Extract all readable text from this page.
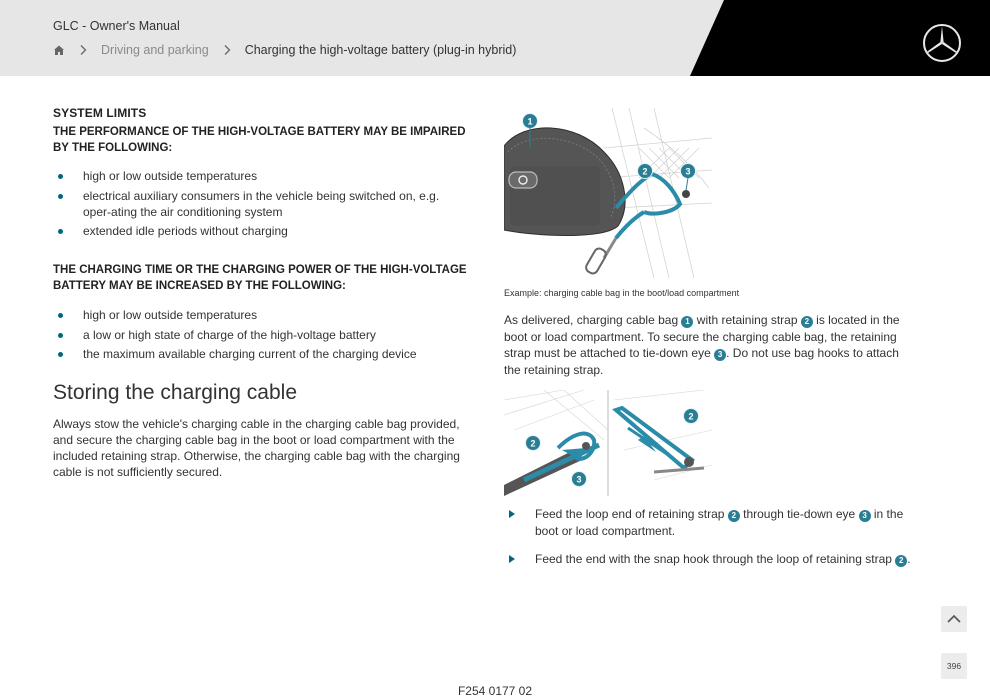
GLC - Owner's Manual
Driving and parking	Charging the high-voltage battery (plug-in hybrid)
SYSTEM LIMITS
THE PERFORMANCE OF THE HIGH-VOLTAGE BATTERY MAY BE IMPAIRED BY THE FOLLOWING:
high or low outside temperatures
electrical auxiliary consumers in the vehicle being switched on, e.g. oper-ating the air conditioning system
extended idle periods without charging
THE CHARGING TIME OR THE CHARGING POWER OF THE HIGH-VOLTAGE BATTERY MAY BE INCREASED BY THE FOLLOWING:
high or low outside temperatures
a low or high state of charge of the high-voltage battery
the maximum available charging current of the charging device
Storing the charging cable

Always stow the vehicle's charging cable in the charging cable bag provided, and secure the charging cable bag in the boot or load compartment with the included retaining strap. Otherwise, the charging cable bag with the charging cable is not sufficiently secured.

1
2	3
Example: charging cable bag in the boot/load compartment

As delivered, charging cable bag 1 with retaining strap 2 is located in the boot or load compartment. To secure the charging cable bag, the retaining strap must be attached to tie-down eye 3 . Do not use bag hooks to attach the retaining strap.

2
2
3
Feed the loop end of retaining strap 2 through tie-down eye 3 in the boot or load compartment.
Feed the end with the snap hook through the loop of retaining strap 2 .
396
F254 0177 02
